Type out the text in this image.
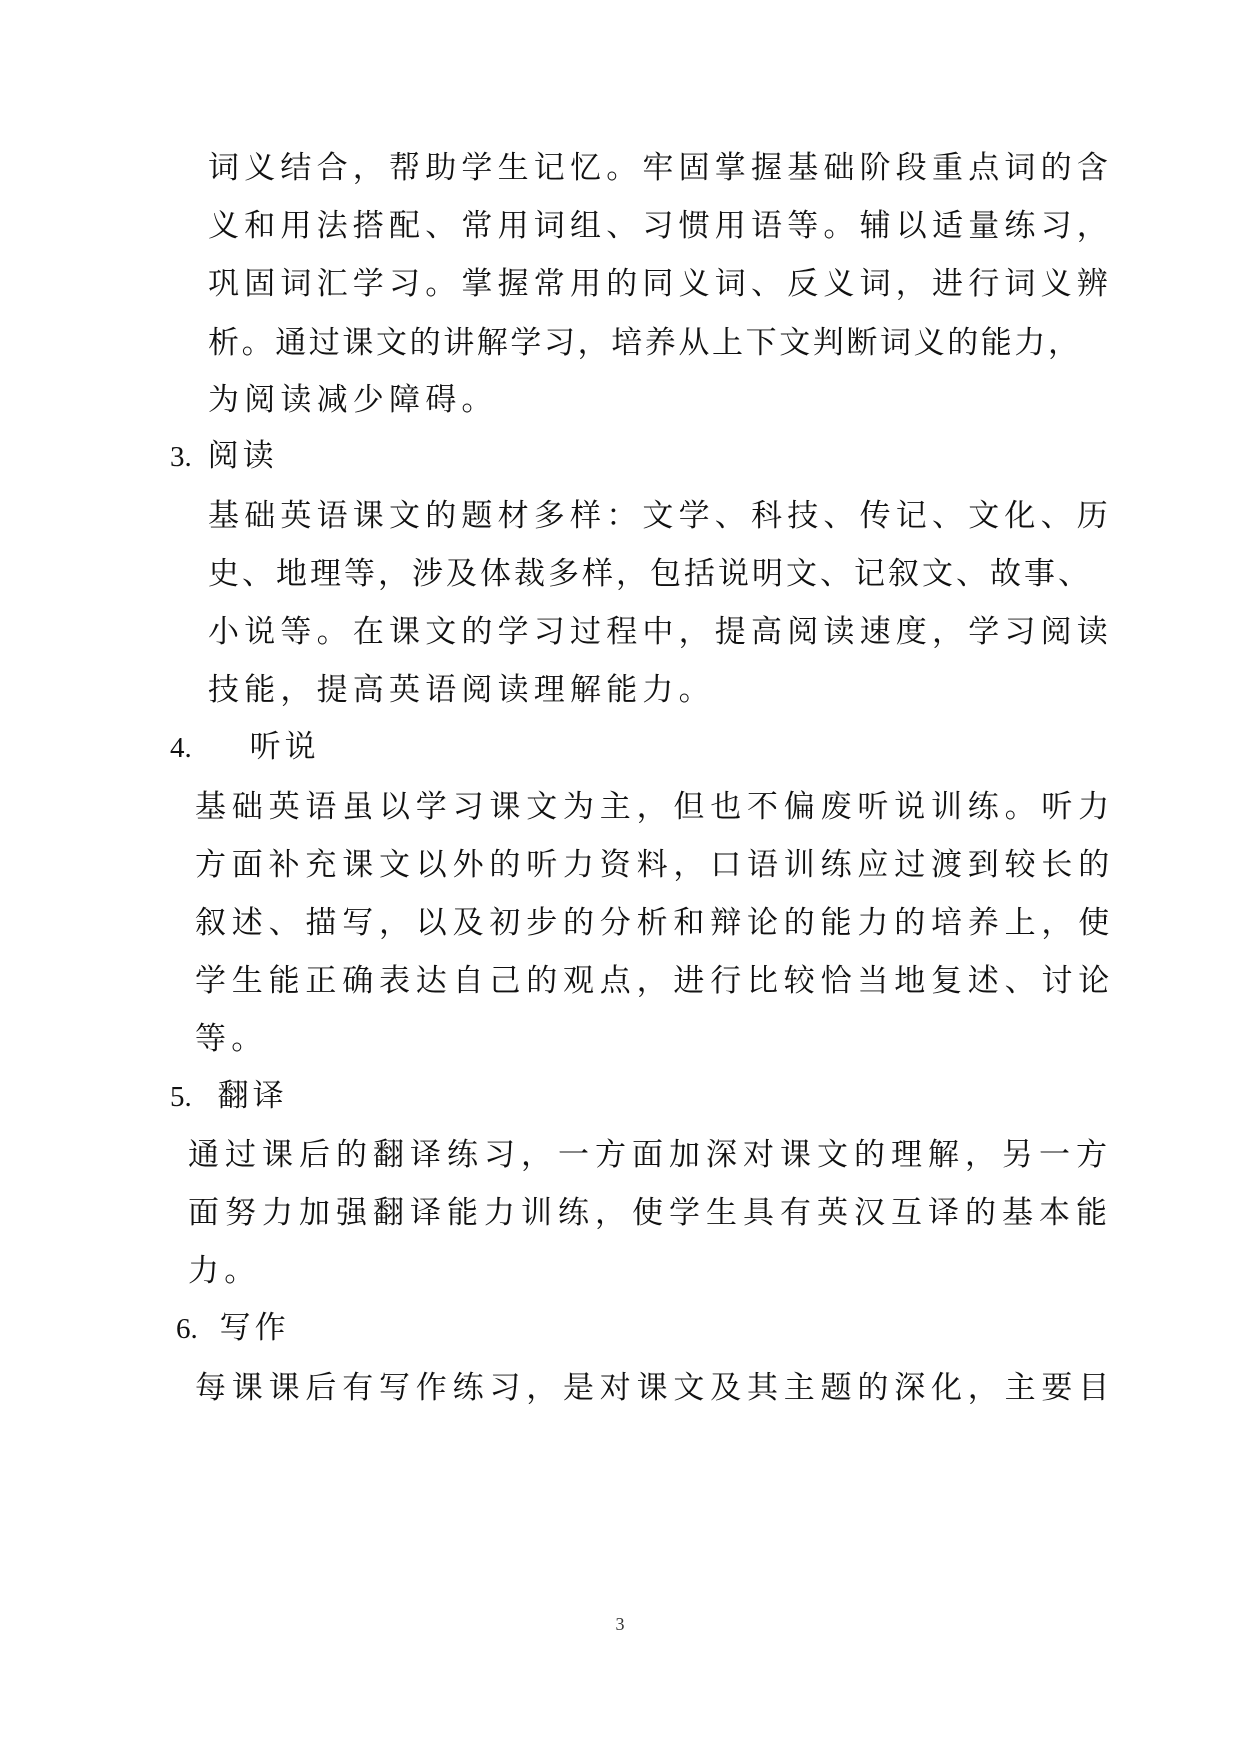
词义结合，帮助学生记忆。牢固掌握基础阶段重点词的含
义和用法搭配、常用词组、习惯用语等。辅以适量练习，
巩固词汇学习。掌握常用的同义词、反义词，进行词义辨
析。通过课文的讲解学习，培养从上下文判断词义的能力，
为阅读减少障碍。
3. 阅读
基础英语课文的题材多样：文学、科技、传记、文化、历
史、地理等，涉及体裁多样，包括说明文、记叙文、故事、
小说等。在课文的学习过程中，提高阅读速度，学习阅读
技能，提高英语阅读理解能力。
4. 听说
基础英语虽以学习课文为主，但也不偏废听说训练。听力
方面补充课文以外的听力资料，口语训练应过渡到较长的
叙述、描写，以及初步的分析和辩论的能力的培养上，使
学生能正确表达自己的观点，进行比较恰当地复述、讨论
等。
5. 翻译
通过课后的翻译练习，一方面加深对课文的理解，另一方
面努力加强翻译能力训练，使学生具有英汉互译的基本能
力。
6. 写作
每课课后有写作练习，是对课文及其主题的深化，主要目
3
